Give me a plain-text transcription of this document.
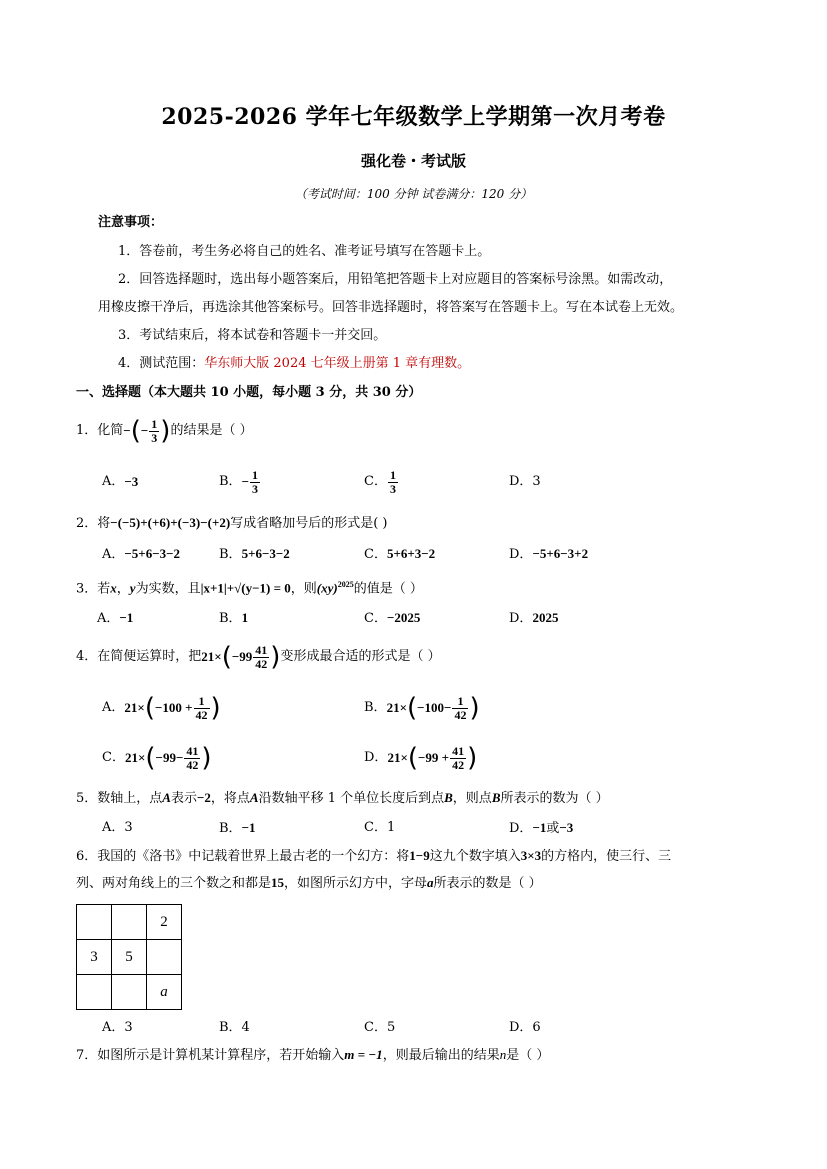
2025-2026 学年七年级数学上学期第一次月考卷
强化卷・考试版
（考试时间：100 分钟 试卷满分：120 分）
注意事项：
1．答卷前，考生务必将自己的姓名、准考证号填写在答题卡上。
2．回答选择题时，选出每小题答案后，用铅笔把答题卡上对应题目的答案标号涂黑。如需改动，
用橡皮擦干净后，再选涂其他答案标号。回答非选择题时，将答案写在答题卡上。写在本试卷上无效。
3．考试结束后，将本试卷和答题卡一并交回。
4．测试范围：华东师大版 2024 七年级上册第 1 章有理数。
一、选择题（本大题共 10 小题，每小题 3 分，共 30 分）
1．化简 − ( − $\frac{1}{3}$ ) 的结果是（ ）
A． −3	B． − $\frac{1}{3}$	C． $\frac{1}{3}$	D．3
2．将−(−5)+(+6)+(−3)−(+2)写成省略加号后的形式是( )
A．−5+6−3−2	B．5+6−3−2	C．5+6+3−2	D．−5+6−3+2
3．若x，y为实数，且|x+1|+√(y−1) = 0，则(xy)$^{2025}$的值是（ ）
A．−1	B．1	C．−2025	D．2025
4．在简便运算时，把 21× ( $-99 \frac{41}{42}$ ) 变形成最合适的形式是（ ）
A． 21× ( $-100 + \frac{1}{42}$ )	B． 21× ( $-100- \frac{1}{42}$ )
C． 21× ( $-99- \frac{41}{42}$ )	D． 21× ( $-99 + \frac{41}{42}$ )
5．数轴上，点A表示−2，将点A沿数轴平移 1 个单位长度后到点B，则点B所表示的数为（ ）
A．3	B．−1	C．1	D．−1或−3
6．我国的《洛书》中记载着世界上最古老的一个幻方：将1−9这九个数字填入3×3的方格内，使三行、三
列、两对角线上的三个数之和都是15，如图所示幻方中，字母a所表示的数是（ ）
		2
3	5	
		a
A．3	B．4	C．5	D．6
7．如图所示是计算机某计算程序，若开始输入m = −1，则最后输出的结果n是（ ）
